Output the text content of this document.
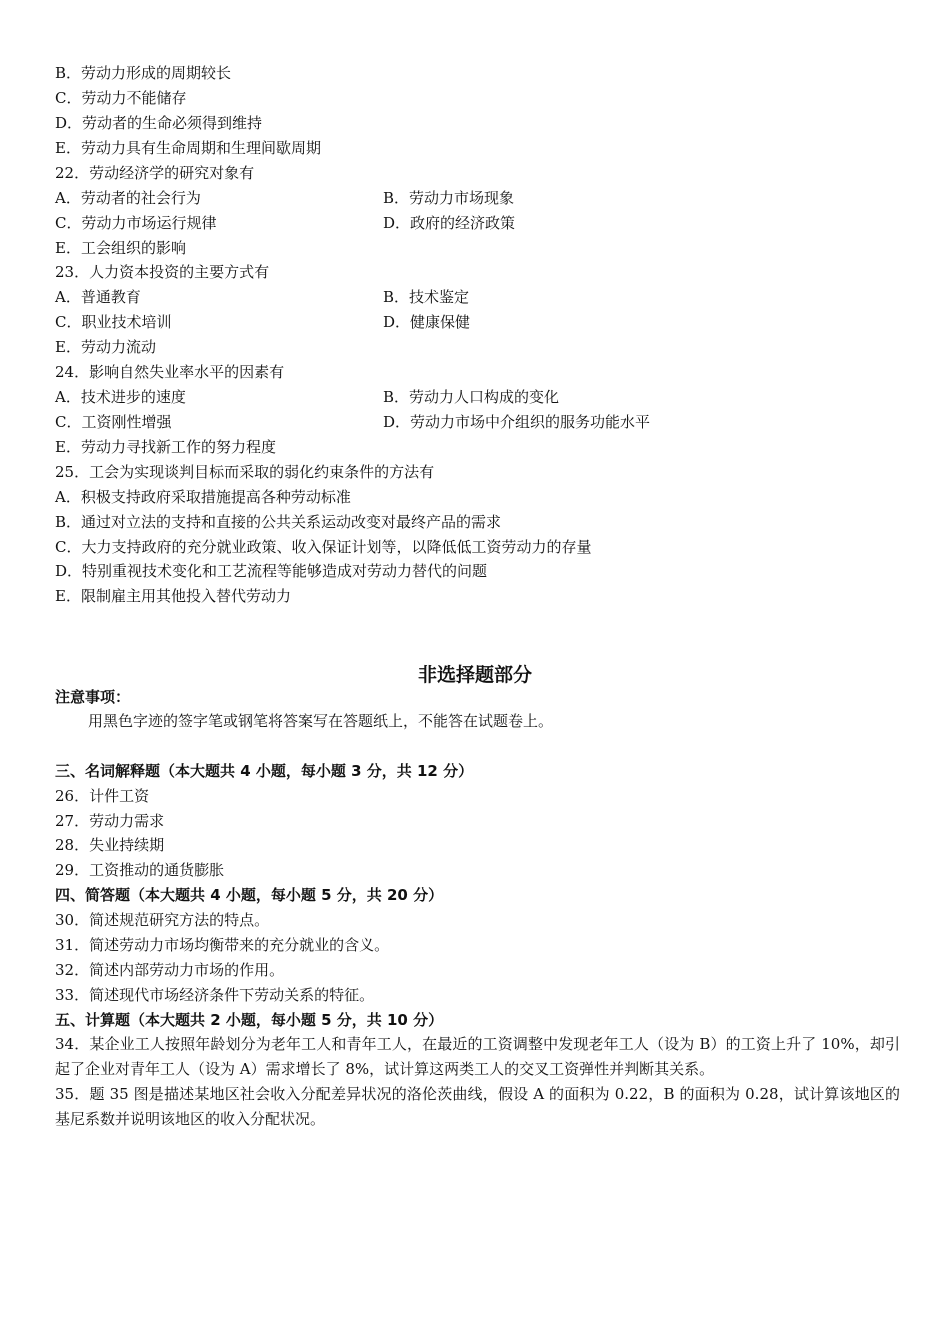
B．劳动力形成的周期较长
C．劳动力不能储存
D．劳动者的生命必须得到维持
E．劳动力具有生命周期和生理间歇周期
22．劳动经济学的研究对象有
A．劳动者的社会行为	B．劳动力市场现象
C．劳动力市场运行规律	D．政府的经济政策
E．工会组织的影响
23．人力资本投资的主要方式有
A．普通教育	B．技术鉴定
C．职业技术培训	D．健康保健
E．劳动力流动
24．影响自然失业率水平的因素有
A．技术进步的速度	B．劳动力人口构成的变化
C．工资刚性增强	D．劳动力市场中介组织的服务功能水平
E．劳动力寻找新工作的努力程度
25．工会为实现谈判目标而采取的弱化约束条件的方法有
A．积极支持政府采取措施提高各种劳动标准
B．通过对立法的支持和直接的公共关系运动改变对最终产品的需求
C．大力支持政府的充分就业政策、收入保证计划等，以降低低工资劳动力的存量
D．特别重视技术变化和工艺流程等能够造成对劳动力替代的问题
E．限制雇主用其他投入替代劳动力
非选择题部分
注意事项：
用黑色字迹的签字笔或钢笔将答案写在答题纸上，不能答在试题卷上。
三、名词解释题（本大题共 4 小题，每小题 3 分，共 12 分）
26．计件工资
27．劳动力需求
28．失业持续期
29．工资推动的通货膨胀
四、简答题（本大题共 4 小题，每小题 5 分，共 20 分）
30．简述规范研究方法的特点。
31．简述劳动力市场均衡带来的充分就业的含义。
32．简述内部劳动力市场的作用。
33．简述现代市场经济条件下劳动关系的特征。
五、计算题（本大题共 2 小题，每小题 5 分，共 10 分）
34．某企业工人按照年龄划分为老年工人和青年工人，在最近的工资调整中发现老年工人（设为 B）的工资上升了 10%，却引起了企业对青年工人（设为 A）需求增长了 8%，试计算这两类工人的交叉工资弹性并判断其关系。
35．题 35 图是描述某地区社会收入分配差异状况的洛伦茨曲线，假设 A 的面积为 0.22，B 的面积为 0.28，试计算该地区的基尼系数并说明该地区的收入分配状况。
